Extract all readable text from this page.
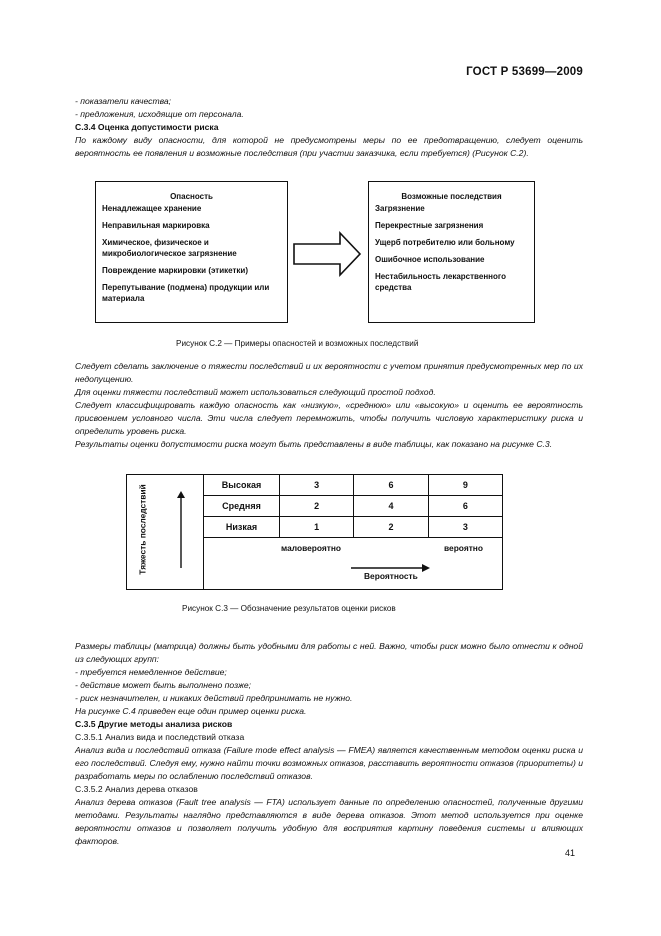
ГОСТ Р 53699—2009
- показатели качества;
- предложения, исходящие от персонала.
С.3.4 Оценка допустимости риска
По каждому виду опасности, для которой не предусмотрены меры по ее предотвращению, следует оценить вероятность ее появления и возможные последствия (при участии заказчика, если требуется) (Рисунок С.2).
Опасность
Ненадлежащее хранение
Неправильная маркировка
Химическое, физическое и микробиологическое загрязнение
Повреждение маркировки (этикетки)
Перепутывание (подмена) продукции или материала
Возможные последствия
Загрязнение
Перекрестные загрязнения
Ущерб потребителю или больному
Ошибочное использование
Нестабильность лекарственного средства
Рисунок С.2 — Примеры опасностей и возможных последствий
Следует сделать заключение о тяжести последствий и их вероятности с учетом принятия предусмотренных мер по их недопущению.
Для оценки тяжести последствий может использоваться следующий простой подход.
Следует классифицировать каждую опасность как «низкую», «среднюю» или «высокую» и оценить ее вероятность присвоением условного числа. Эти числа следует перемножить, чтобы получить числовую характеристику риска и определить уровень риска.
Результаты оценки допустимости риска могут быть представлены в виде таблицы, как показано на рисунке С.3.
Тяжесть последствий	Высокая	3	6	9
Средняя	2	4	6
Низкая	1	2	3
маловероятно	вероятно
Вероятность
Рисунок С.3 — Обозначение результатов оценки рисков
Размеры таблицы (матрица) должны быть удобными для работы с ней. Важно, чтобы риск можно было отнести к одной из следующих групп:
- требуется немедленное действие;
- действие может быть выполнено позже;
- риск незначителен, и никаких действий предпринимать не нужно.
На рисунке С.4 приведен еще один пример оценки риска.
С.3.5 Другие методы анализа рисков
С.3.5.1 Анализ вида и последствий отказа
Анализ вида и последствий отказа (Failure mode effect analysis — FMEA) является качественным методом оценки риска и его последствий. Следуя ему, нужно найти точки возможных отказов, расставить вероятности отказов (приоритеты) и разработать меры по ослаблению последствий отказов.
С.3.5.2 Анализ дерева отказов
Анализ дерева отказов (Fault tree analysis — FTA) использует данные по определению опасностей, полученные другими методами. Результаты наглядно представляются в виде дерева отказов. Этот метод используется при оценке вероятности отказов и позволяет получить удобную для восприятия картину поведения системы и влияющих факторов.
41
